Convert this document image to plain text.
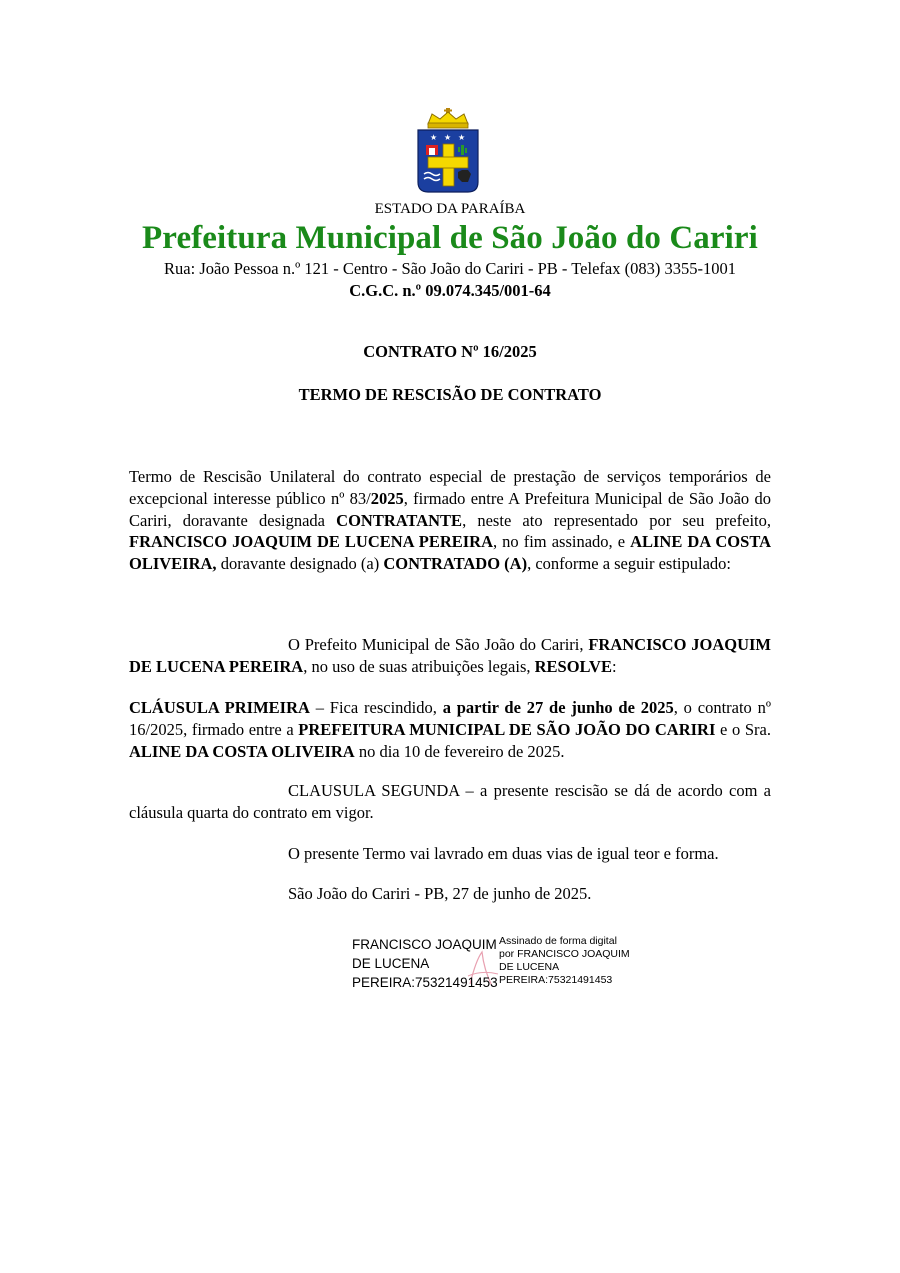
★ ★ ★
ESTADO DA PARAÍBA
Prefeitura Municipal de São João do Cariri
Rua: João Pessoa n.º 121 - Centro - São João do Cariri - PB - Telefax (083) 3355-1001
C.G.C. n.º 09.074.345/001-64
CONTRATO Nº 16/2025
TERMO DE RESCISÃO DE CONTRATO
Termo de Rescisão Unilateral do contrato especial de prestação de serviços temporários de excepcional interesse público nº 83/2025, firmado entre A Prefeitura Municipal de São João do Cariri, doravante designada CONTRATANTE, neste ato representado por seu prefeito, FRANCISCO JOAQUIM DE LUCENA PEREIRA, no fim assinado, e ALINE DA COSTA OLIVEIRA, doravante designado (a) CONTRATADO (A), conforme a seguir estipulado:
O Prefeito Municipal de São João do Cariri, FRANCISCO JOAQUIM DE LUCENA PEREIRA, no uso de suas atribuições legais, RESOLVE:
CLÁUSULA PRIMEIRA – Fica rescindido, a partir de 27 de junho de 2025, o contrato nº 16/2025, firmado entre a PREFEITURA MUNICIPAL DE SÃO JOÃO DO CARIRI e o Sra. ALINE DA COSTA OLIVEIRA no dia 10 de fevereiro de 2025.
CLAUSULA SEGUNDA – a presente rescisão se dá de acordo com a cláusula quarta do contrato em vigor.
O presente Termo vai lavrado em duas vias de igual teor e forma.
São João do Cariri - PB, 27 de junho de 2025.
FRANCISCO JOAQUIM
DE LUCENA
PEREIRA:75321491453
Assinado de forma digital
por FRANCISCO JOAQUIM
DE LUCENA
PEREIRA:75321491453
